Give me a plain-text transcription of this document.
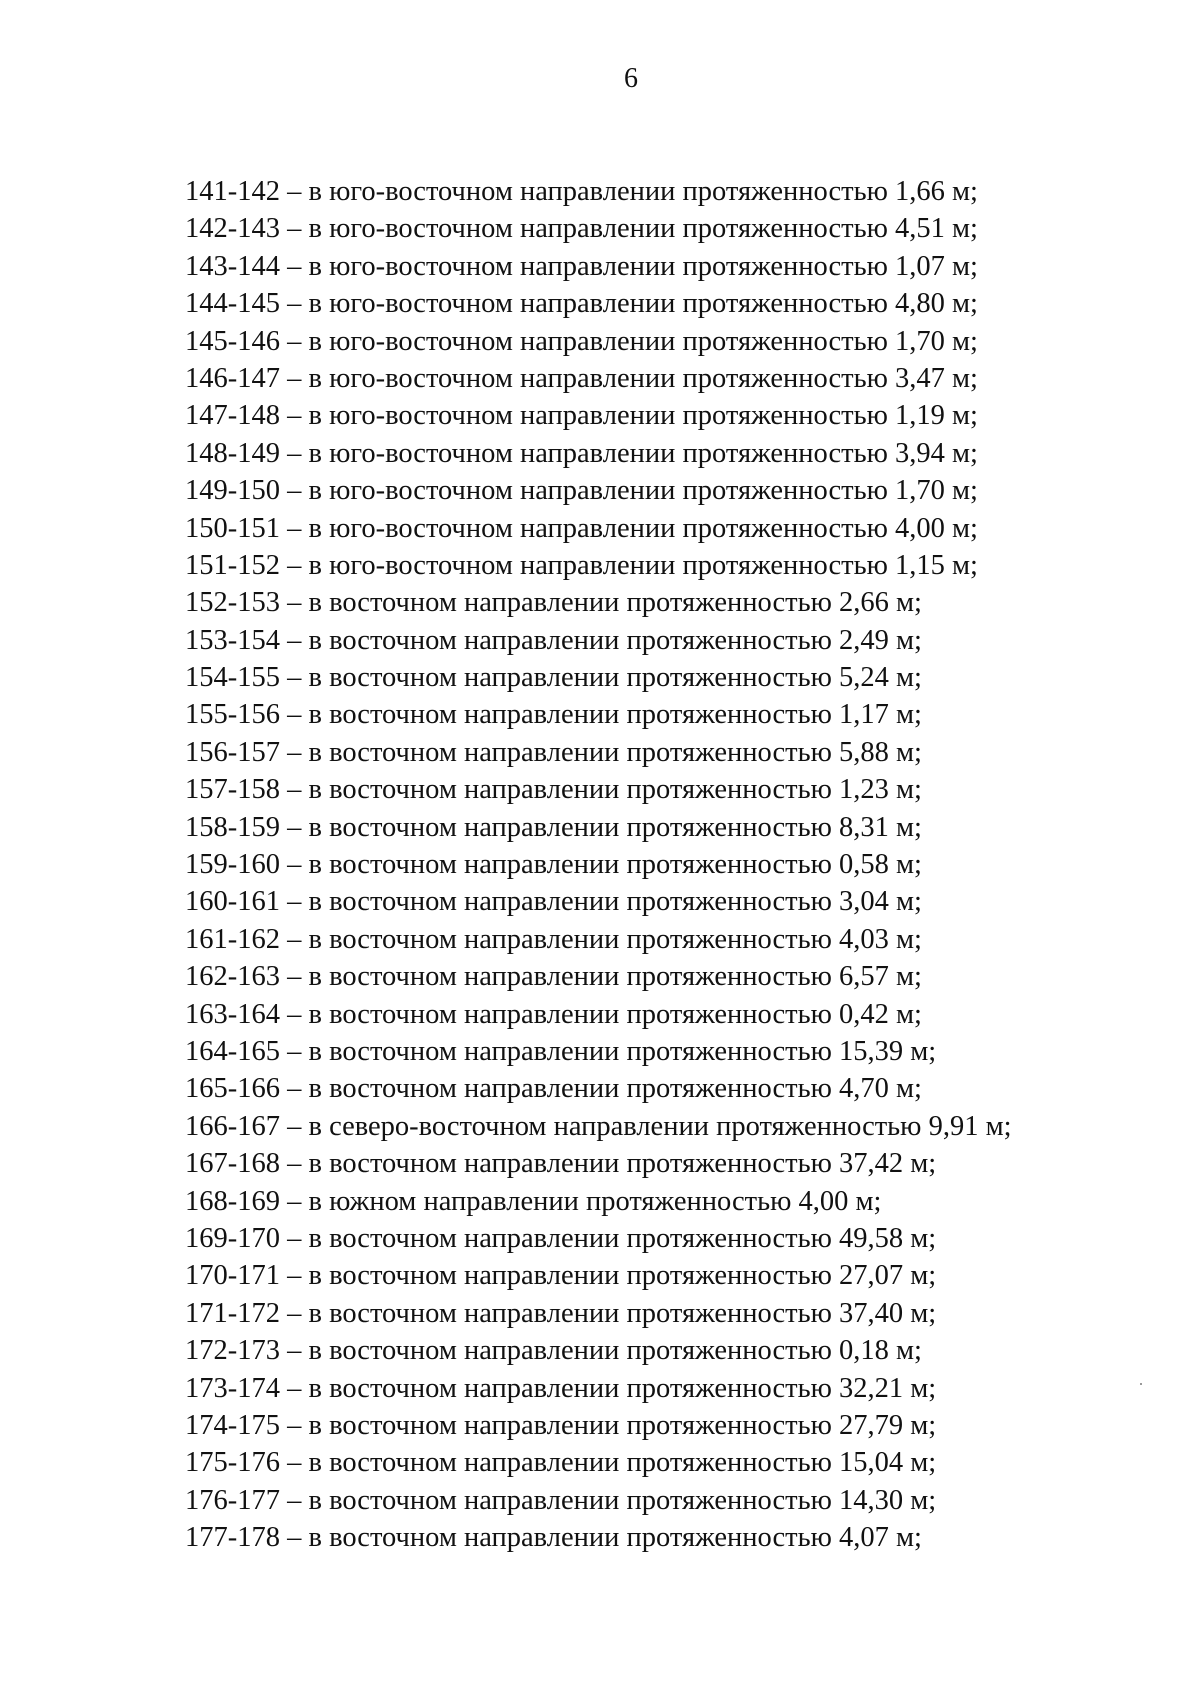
6
141-142 – в юго-восточном направлении протяженностью 1,66 м;
142-143 – в юго-восточном направлении протяженностью 4,51 м;
143-144 – в юго-восточном направлении протяженностью 1,07 м;
144-145 – в юго-восточном направлении протяженностью 4,80 м;
145-146 – в юго-восточном направлении протяженностью 1,70 м;
146-147 – в юго-восточном направлении протяженностью 3,47 м;
147-148 – в юго-восточном направлении протяженностью 1,19 м;
148-149 – в юго-восточном направлении протяженностью 3,94 м;
149-150 – в юго-восточном направлении протяженностью 1,70 м;
150-151 – в юго-восточном направлении протяженностью 4,00 м;
151-152 – в юго-восточном направлении протяженностью 1,15 м;
152-153 – в восточном направлении протяженностью 2,66 м;
153-154 – в восточном направлении протяженностью 2,49 м;
154-155 – в восточном направлении протяженностью 5,24 м;
155-156 – в восточном направлении протяженностью 1,17 м;
156-157 – в восточном направлении протяженностью 5,88 м;
157-158 – в восточном направлении протяженностью 1,23 м;
158-159 – в восточном направлении протяженностью 8,31 м;
159-160 – в восточном направлении протяженностью 0,58 м;
160-161 – в восточном направлении протяженностью 3,04 м;
161-162 – в восточном направлении протяженностью 4,03 м;
162-163 – в восточном направлении протяженностью 6,57 м;
163-164 – в восточном направлении протяженностью 0,42 м;
164-165 – в восточном направлении протяженностью 15,39 м;
165-166 – в восточном направлении протяженностью 4,70 м;
166-167 – в северо-восточном направлении протяженностью 9,91 м;
167-168 – в восточном направлении протяженностью 37,42 м;
168-169 – в южном направлении протяженностью 4,00 м;
169-170 – в восточном направлении протяженностью 49,58 м;
170-171 – в восточном направлении протяженностью 27,07 м;
171-172 – в восточном направлении протяженностью 37,40 м;
172-173 – в восточном направлении протяженностью 0,18 м;
173-174 – в восточном направлении протяженностью 32,21 м;
174-175 – в восточном направлении протяженностью 27,79 м;
175-176 – в восточном направлении протяженностью 15,04 м;
176-177 – в восточном направлении протяженностью 14,30 м;
177-178 – в восточном направлении протяженностью 4,07 м;
